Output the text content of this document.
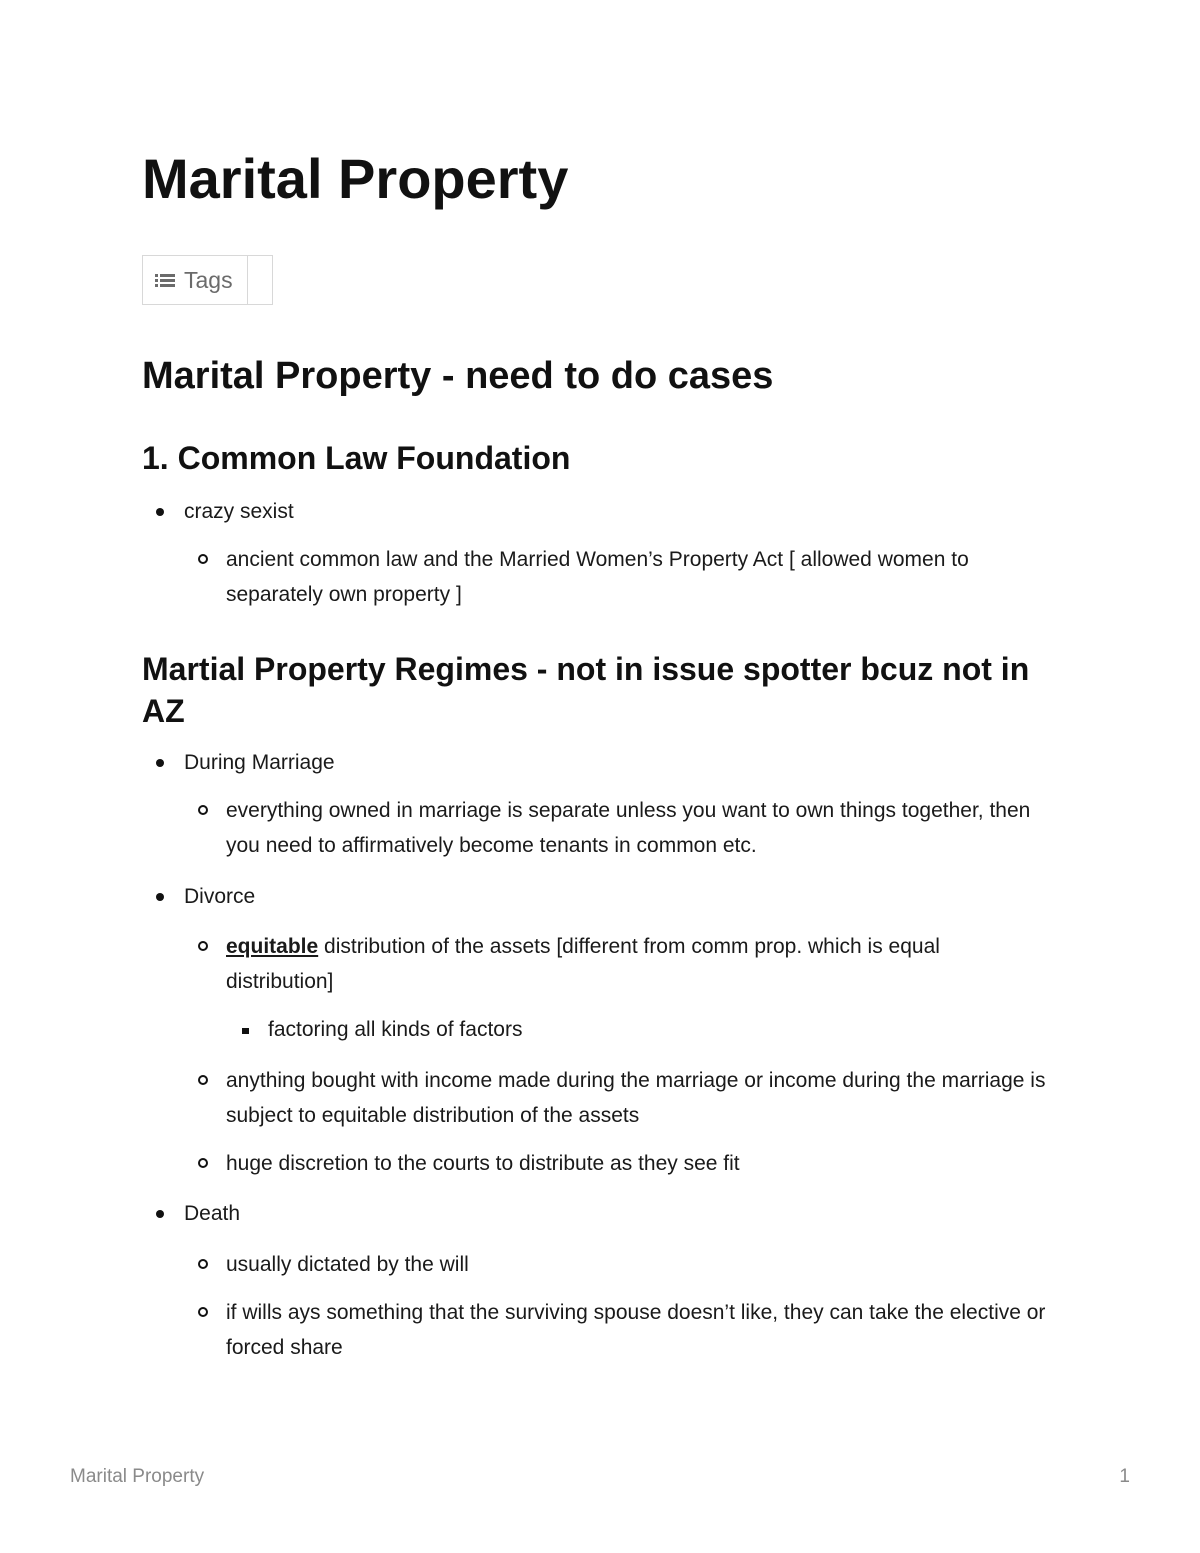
Marital Property
Tags
Marital Property - need to do cases
1. Common Law Foundation
crazy sexist
ancient common law and the Married Women’s Property Act [ allowed women to separately own property ]
Martial Property Regimes - not in issue spotter bcuz not in AZ
During Marriage
everything owned in marriage is separate unless you want to own things together, then you need to affirmatively become tenants in common etc.
Divorce
equitable distribution of the assets [different from comm prop. which is equal distribution]
factoring all kinds of factors
anything bought with income made during the marriage or income during the marriage is subject to equitable distribution of the assets
huge discretion to the courts to distribute as they see fit
Death
usually dictated by the will
if wills ays something that the surviving spouse doesn’t like, they can take the elective or forced share
Marital Property	1
